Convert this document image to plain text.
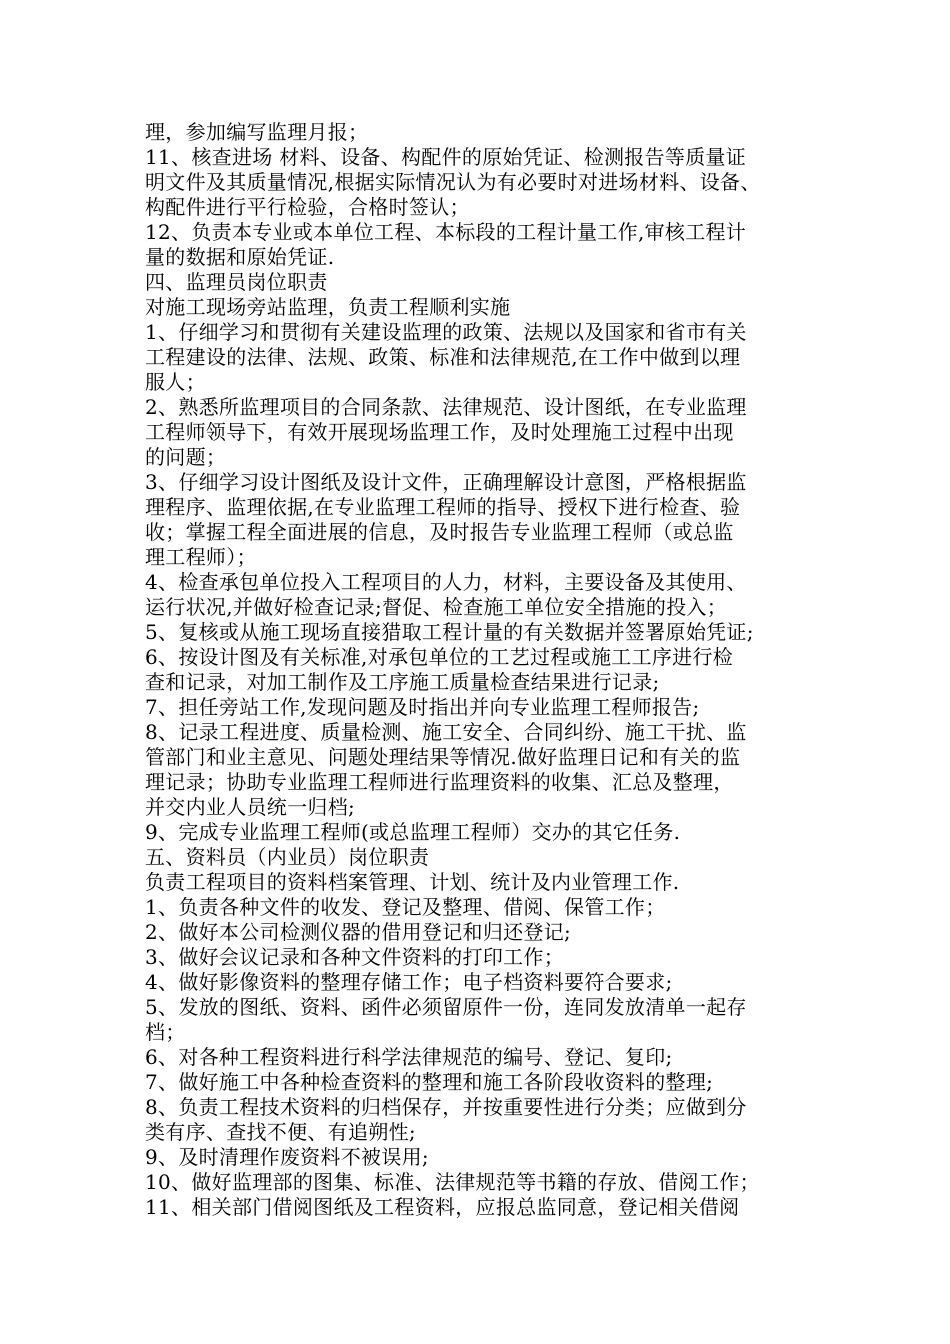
理，参加编写监理月报；
11、核查进场 材料、设备、构配件的原始凭证、检测报告等质量证
明文件及其质量情况,根据实际情况认为有必要时对进场材料、设备、
构配件进行平行检验，合格时签认；
12、负责本专业或本单位工程、本标段的工程计量工作,审核工程计
量的数据和原始凭证.
四、监理员岗位职责
对施工现场旁站监理，负责工程顺利实施
1、仔细学习和贯彻有关建设监理的政策、法规以及国家和省市有关
工程建设的法律、法规、政策、标准和法律规范,在工作中做到以理
服人；
2、熟悉所监理项目的合同条款、法律规范、设计图纸，在专业监理
工程师领导下，有效开展现场监理工作，及时处理施工过程中出现
的问题；
3、仔细学习设计图纸及设计文件，正确理解设计意图，严格根据监
理程序、监理依据,在专业监理工程师的指导、授权下进行检查、验
收；掌握工程全面进展的信息，及时报告专业监理工程师（或总监
理工程师）；
4、检查承包单位投入工程项目的人力，材料，主要设备及其使用、
运行状况,并做好检查记录;督促、检查施工单位安全措施的投入；
5、复核或从施工现场直接猎取工程计量的有关数据并签署原始凭证;
6、按设计图及有关标准,对承包单位的工艺过程或施工工序进行检
查和记录，对加工制作及工序施工质量检查结果进行记录;
7、担任旁站工作,发现问题及时指出并向专业监理工程师报告;
8、记录工程进度、质量检测、施工安全、合同纠纷、施工干扰、监
管部门和业主意见、问题处理结果等情况.做好监理日记和有关的监
理记录；协助专业监理工程师进行监理资料的收集、汇总及整理，
并交内业人员统一归档;
9、完成专业监理工程师(或总监理工程师）交办的其它任务.
五、资料员（内业员）岗位职责
负责工程项目的资料档案管理、计划、统计及内业管理工作.
1、负责各种文件的收发、登记及整理、借阅、保管工作；
2、做好本公司检测仪器的借用登记和归还登记;
3、做好会议记录和各种文件资料的打印工作；
4、做好影像资料的整理存储工作；电子档资料要符合要求;
5、发放的图纸、资料、函件必须留原件一份，连同发放清单一起存
档；
6、对各种工程资料进行科学法律规范的编号、登记、复印;
7、做好施工中各种检查资料的整理和施工各阶段收资料的整理;
8、负责工程技术资料的归档保存，并按重要性进行分类；应做到分
类有序、查找不便、有追朔性;
9、及时清理作废资料不被误用;
10、做好监理部的图集、标准、法律规范等书籍的存放、借阅工作；
11、相关部门借阅图纸及工程资料，应报总监同意，登记相关借阅
